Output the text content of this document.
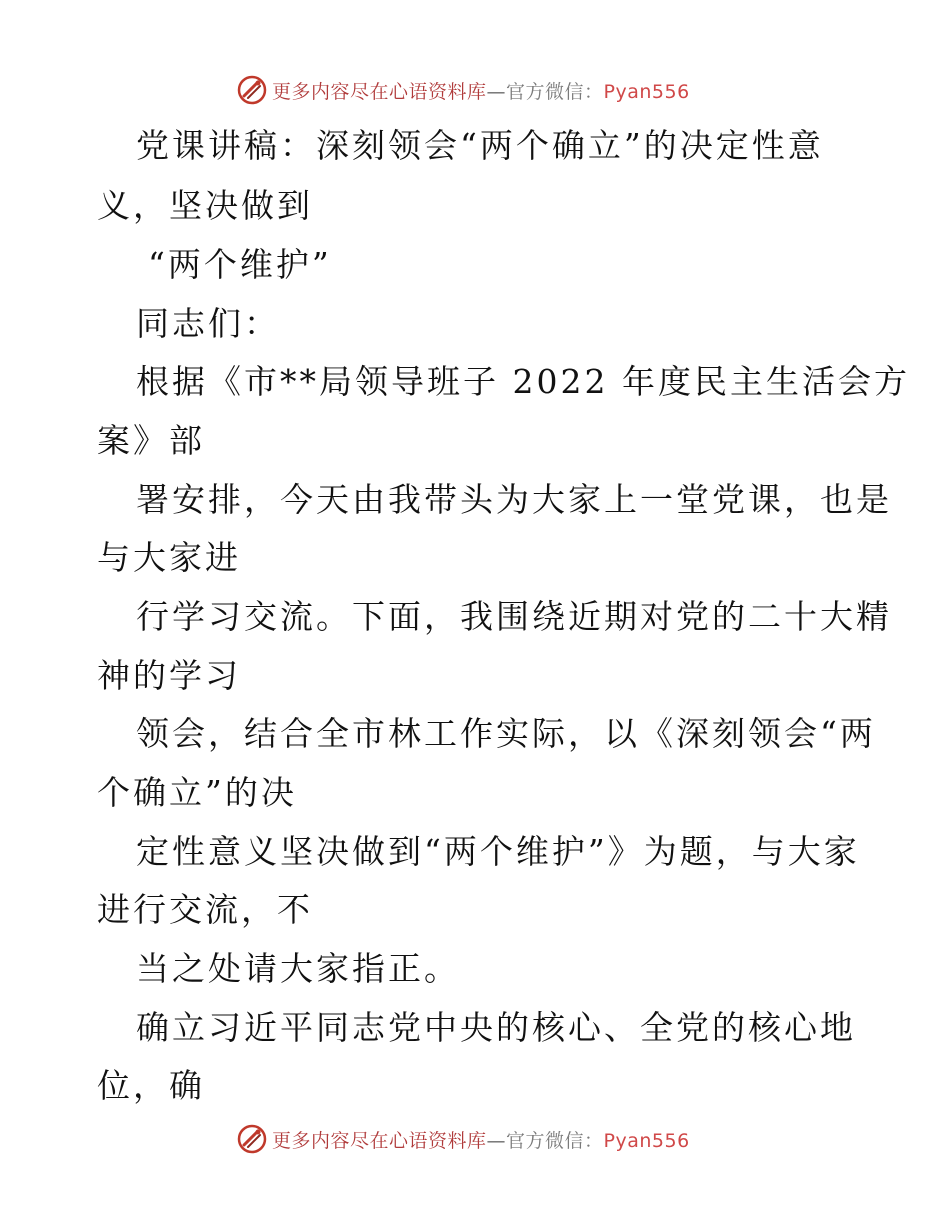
更多内容尽在心语资料库—官方微信：Pyan556
党课讲稿：深刻领会“两个确立”的决定性意
义，坚决做到
“两个维护”
同志们：
根据《市**局领导班子 2022 年度民主生活会方
案》部
署安排，今天由我带头为大家上一堂党课，也是
与大家进
行学习交流。下面，我围绕近期对党的二十大精
神的学习
领会，结合全市林工作实际，以《深刻领会“两
个确立”的决
定性意义坚决做到“两个维护”》为题，与大家
进行交流，不
当之处请大家指正。
确立习近平同志党中央的核心、全党的核心地
位，确
更多内容尽在心语资料库—官方微信：Pyan556
